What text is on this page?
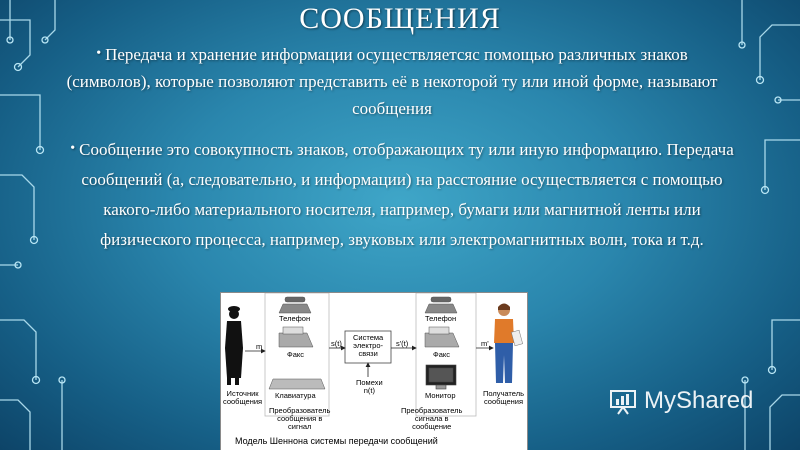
СООБЩЕНИЯ
• Передача и хранение информации осуществляетсяс помощью различных знаков (символов), которые позволяют представить её в некоторой ту или иной форме, называют сообщения
• Сообщение это совокупность знаков, отображающих ту или иную информацию. Передача сообщений (а, следовательно, и информации) на расстояние осуществляется с помощью какого-либо материального носителя, например, бумаги или магнитной ленты или физического процесса, например, звуковых или электромагнитных волн, тока и т.д.
Телефон
Факс
Клавиатура
Источник
сообщения
Преобразователь
сообщения в
сигнал
Система
электро-
связи
Помехи
n(t)
Телефон
Факс
Монитор	Получатель
сообщения
Преобразователь
сигнала в
сообщение
m	s(t)	s'(t)	m'
Модель Шеннона системы передачи сообщений
MyShared
